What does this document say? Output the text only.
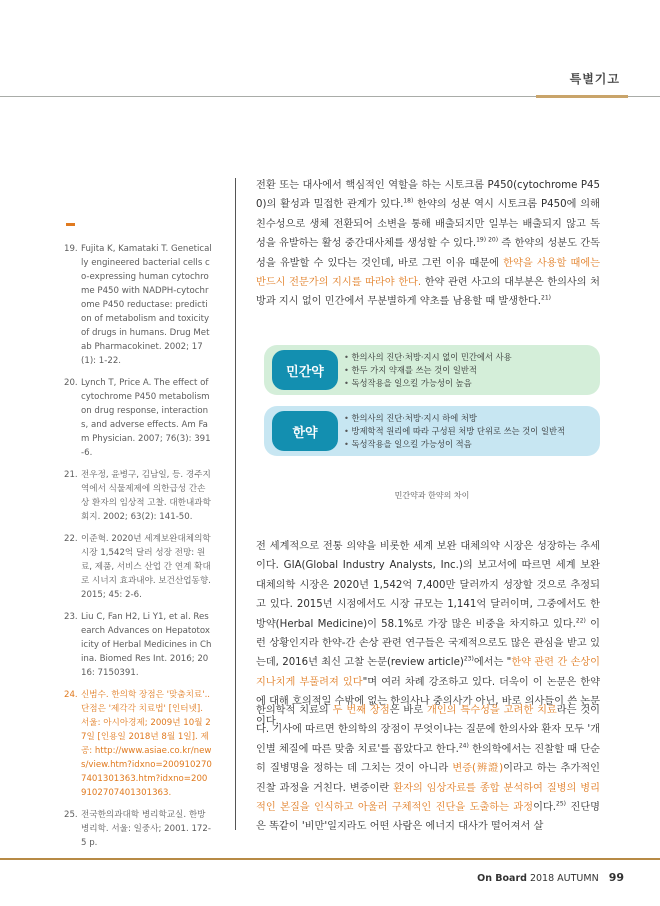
특별기고
19. Fujita K, Kamataki T. Genetically engineered bacterial cells co-expressing human cytochrome P450 with NADPH-cytochrome P450 reductase: prediction of metabolism and toxicity of drugs in humans. Drug Metab Pharmacokinet. 2002; 17(1): 1-22.
20. Lynch T, Price A. The effect of cytochrome P450 metabolism on drug response, interactions, and adverse effects. Am Fam Physician. 2007; 76(3): 391-6.
21. 전우정, 윤병구, 김남일, 등. 경주지역에서 식물제제에 의한급성 간손상 환자의 임상적 고찰. 대한내과학회지. 2002; 63(2): 141-50.
22. 이준혁. 2020년 세계보완대체의학시장 1,542억 달러 성장 전망: 원료, 제품, 서비스 산업 간 연계 확대로 시너지 효과내야. 보건산업동향. 2015; 45: 2-6.
23. Liu C, Fan H2, Li Y1, et al. Research Advances on Hepatotoxicity of Herbal Medicines in China. Biomed Res Int. 2016; 2016: 7150391.
24. 신범수. 한의학 장점은 '맞춤치료'.. 단점은 '제각각 치료법' [인터넷]. 서울: 아시아경제; 2009년 10월 27일 [인용일 2018년 8월 1일]. 제공: http://www.asiae.co.kr/news/view.htm?idxno=2009102707401301363.htm?idxno=2009102707401301363.
25. 전국한의과대학 병리학교실. 한방병리학. 서울: 일중사; 2001. 172-5 p.
전환 또는 대사에서 핵심적인 역할을 하는 시토크롬 P450(cytochrome P450)의 활성과 밀접한 관계가 있다.$^{18)}$ 한약의 성분 역시 시토크롬 P450에 의해 친수성으로 생체 전환되어 소변을 통해 배출되지만 일부는 배출되지 않고 독성을 유발하는 활성 중간대사체를 생성할 수 있다.$^{19) 20)}$ 즉 한약의 성분도 간독성을 유발할 수 있다는 것인데, 바로 그런 이유 때문에 한약을 사용할 때에는 반드시 전문가의 지시를 따라야 한다. 한약 관련 사고의 대부분은 한의사의 처방과 지시 없이 민간에서 무분별하게 약초를 남용할 때 발생한다.$^{21)}$
민간약
• 한의사의 진단·처방·지시 없이 민간에서 사용
• 한두 가지 약재를 쓰는 것이 일반적
• 독성작용을 일으킬 가능성이 높음
한약
• 한의사의 진단·처방·지시 하에 처방
• 방제학적 원리에 따라 구성된 처방 단위로 쓰는 것이 일반적
• 독성작용을 일으킬 가능성이 적음
민간약과 한약의 차이
전 세계적으로 전통 의약을 비롯한 세계 보완 대체의약 시장은 성장하는 추세이다. GIA(Global Industry Analysts, Inc.)의 보고서에 따르면 세계 보완 대체의학 시장은 2020년 1,542억 7,400만 달러까지 성장할 것으로 추정되고 있다. 2015년 시점에서도 시장 규모는 1,141억 달러이며, 그중에서도 한방약(Herbal Medicine)이 58.1%로 가장 많은 비중을 차지하고 있다.$^{22)}$ 이런 상황인지라 한약-간 손상 관련 연구들은 국제적으로도 많은 관심을 받고 있는데, 2016년 최신 고찰 논문(review article)$^{23)}$에서는 "한약 관련 간 손상이 지나치게 부풀려져 있다"며 여러 차례 강조하고 있다. 더욱이 이 논문은 한약에 대해 호의적일 수밖에 없는 한의사나 중의사가 아닌, 바로 의사들이 쓴 논문이다.
한의학적 치료의 두 번째 장점은 바로 개인의 특수성을 고려한 치료라는 것이다. 기사에 따르면 한의학의 장점이 무엇이냐는 질문에 한의사와 환자 모두 '개인별 체질에 따른 맞춤 치료'를 꼽았다고 한다.$^{24)}$ 한의학에서는 진찰할 때 단순히 질병명을 정하는 데 그치는 것이 아니라 변증(辨證)이라고 하는 추가적인 진찰 과정을 거친다. 변증이란 환자의 임상자료를 종합 분석하여 질병의 병리적인 본질을 인식하고 아울러 구체적인 진단을 도출하는 과정이다.$^{25)}$ 진단명은 똑같이 '비만'일지라도 어떤 사람은 에너지 대사가 떨어져서 살
On Board 2018 AUTUMN 99
